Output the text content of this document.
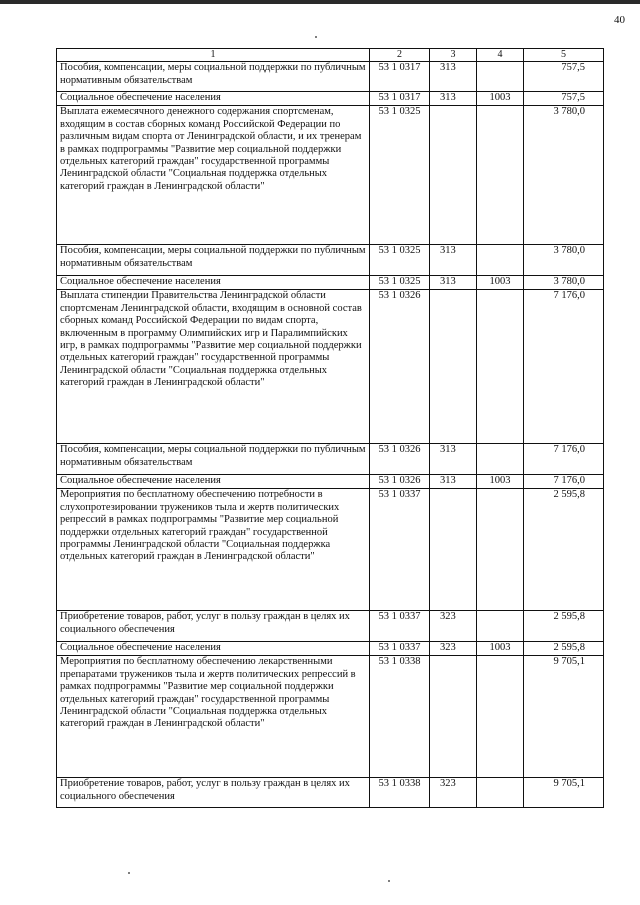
40
1	2	3	4	5
Пособия, компенсации, меры социальной поддержки по публичным нормативным обязательствам	53 1 0317	313		757,5
Социальное обеспечение населения	53 1 0317	313	1003	757,5
Выплата ежемесячного денежного содержания спортсменам, входящим в состав сборных команд Российской Федерации по различным видам спорта от Ленинградской области, и их тренерам в рамках подпрограммы "Развитие мер социальной поддержки отдельных категорий граждан" государственной программы Ленинградской области "Социальная поддержка отдельных категорий граждан в Ленинградской области"	53 1 0325			3 780,0
Пособия, компенсации, меры социальной поддержки по публичным нормативным обязательствам	53 1 0325	313		3 780,0
Социальное обеспечение населения	53 1 0325	313	1003	3 780,0
Выплата стипендии Правительства Ленинградской области спортсменам Ленинградской области, входящим в основной состав сборных команд Российской Федерации по видам спорта, включенным в программу Олимпийских игр и Паралимпийских игр, в рамках подпрограммы "Развитие мер социальной поддержки отдельных категорий граждан" государственной программы Ленинградской области "Социальная поддержка отдельных категорий граждан в Ленинградской области"	53 1 0326			7 176,0
Пособия, компенсации, меры социальной поддержки по публичным нормативным обязательствам	53 1 0326	313		7 176,0
Социальное обеспечение населения	53 1 0326	313	1003	7 176,0
Мероприятия по бесплатному обеспечению потребности в слухопротезировании тружеников тыла и жертв политических репрессий в рамках подпрограммы "Развитие мер социальной поддержки отдельных категорий граждан" государственной программы Ленинградской области "Социальная поддержка отдельных категорий граждан в Ленинградской области"	53 1 0337			2 595,8
Приобретение товаров, работ, услуг в пользу граждан в целях их социального обеспечения	53 1 0337	323		2 595,8
Социальное обеспечение населения	53 1 0337	323	1003	2 595,8
Мероприятия по бесплатному обеспечению лекарственными препаратами тружеников тыла и жертв политических репрессий в рамках подпрограммы "Развитие мер социальной поддержки отдельных категорий граждан" государственной программы Ленинградской области "Социальная поддержка отдельных категорий граждан в Ленинградской области"	53 1 0338			9 705,1
Приобретение товаров, работ, услуг в пользу граждан в целях их социального обеспечения	53 1 0338	323		9 705,1
